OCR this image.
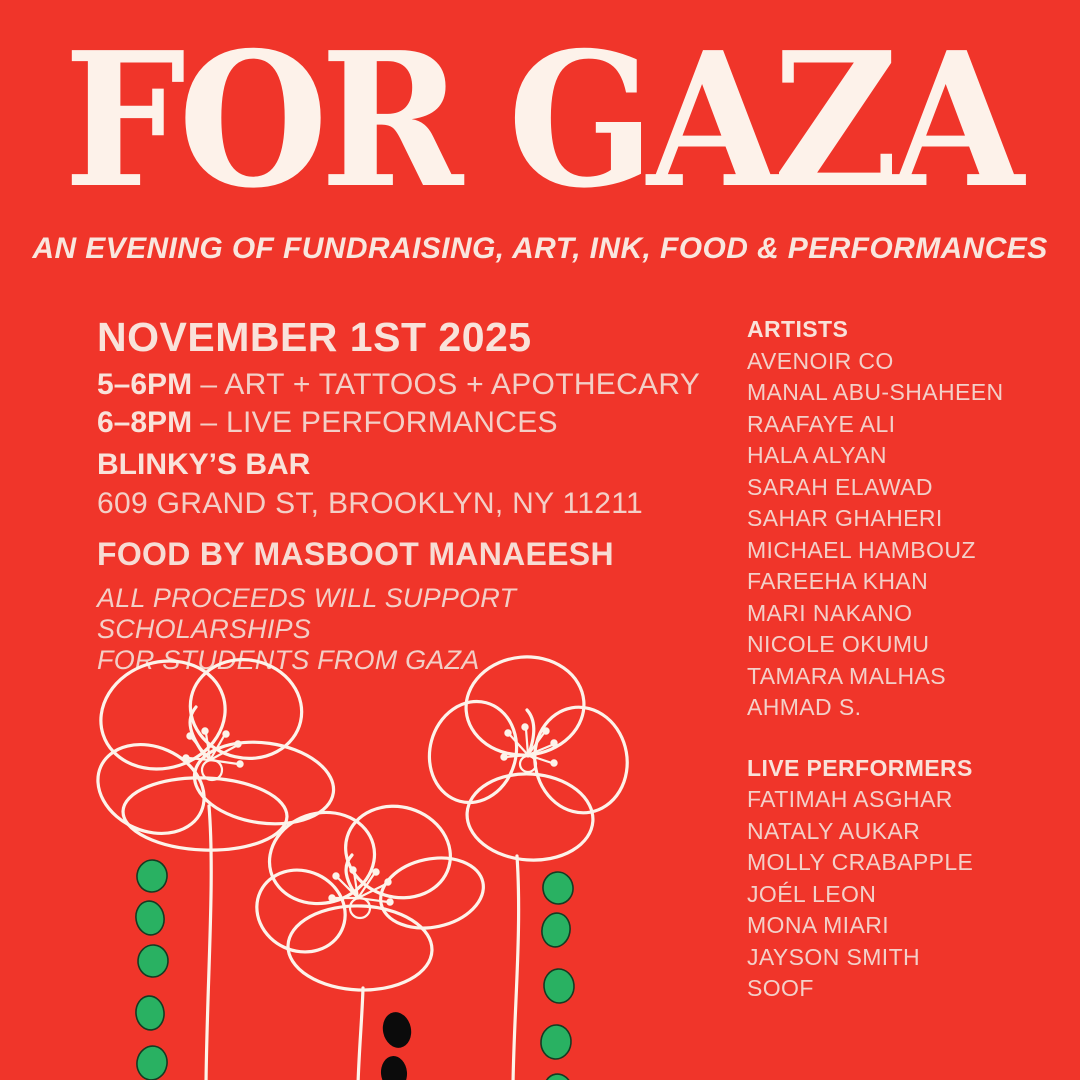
FOR GAZA

AN EVENING OF FUNDRAISING, ART, INK, FOOD & PERFORMANCES

NOVEMBER 1ST 2025
5–6PM – ART + TATTOOS + APOTHECARY
6–8PM – LIVE PERFORMANCES
BLINKY’S BAR
609 GRAND ST, BROOKLYN, NY 11211
FOOD BY MASBOOT MANAEESH
ALL PROCEEDS WILL SUPPORT SCHOLARSHIPS
FOR STUDENTS FROM GAZA
ARTISTS
AVENOIR CO
MANAL ABU-SHAHEEN
RAAFAYE ALI
HALA ALYAN
SARAH ELAWAD
SAHAR GHAHERI
MICHAEL HAMBOUZ
FAREEHA KHAN
MARI NAKANO
NICOLE OKUMU
TAMARA MALHAS
AHMAD S.
LIVE PERFORMERS
FATIMAH ASGHAR
NATALY AUKAR
MOLLY CRABAPPLE
JOÉL LEON
MONA MIARI
JAYSON SMITH
SOOF
